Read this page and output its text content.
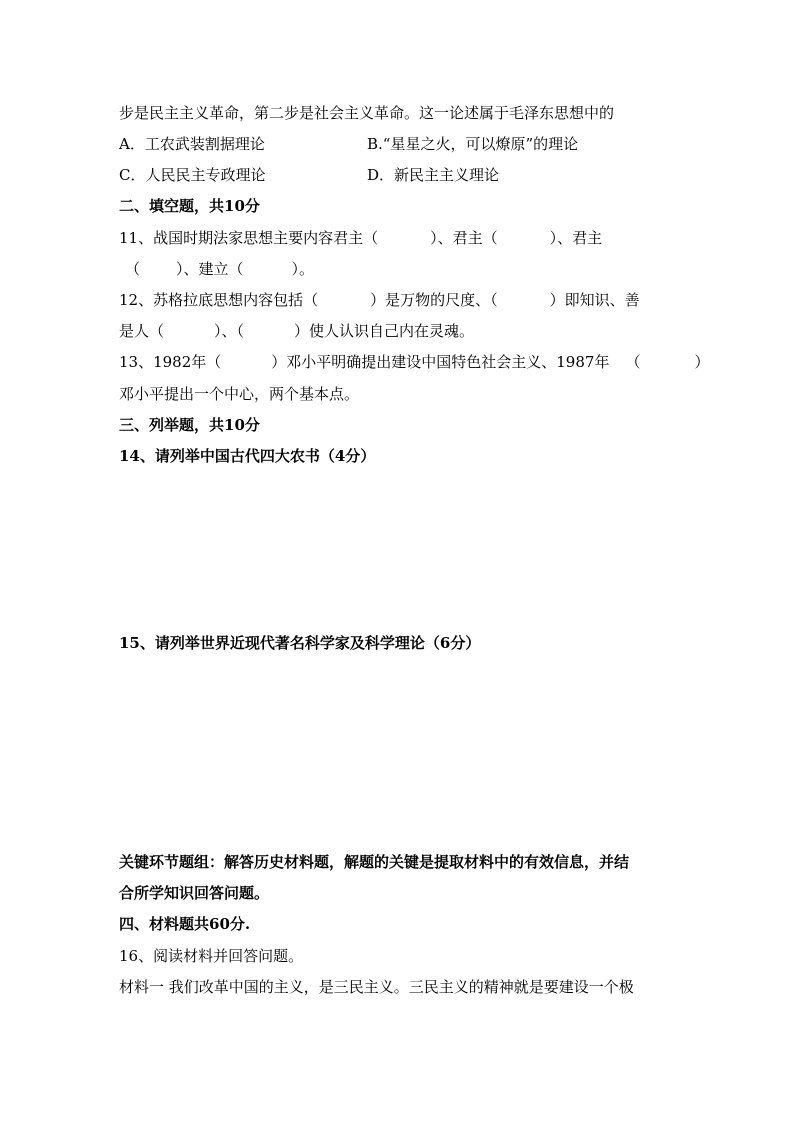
步是民主主义革命，第二步是社会主义革命。这一论述属于毛泽东思想中的
A．工农武装割据理论	B.“星星之火，可以燎原”的理论
C．人民民主专政理论	D．新民主主义理论
二、填空题，共10分
11、战国时期法家思想主要内容君主（	）、君主（	）、君主
（ ）、建立（	）。
12、苏格拉底思想内容包括（	）是万物的尺度、（	）即知识、善
是人（	）、（	）使人认识自己内在灵魂。
13、1982年（	）邓小平明确提出建设中国特色社会主义、1987年 （	）
邓小平提出一个中心，两个基本点。
三、列举题，共10分
14、请列举中国古代四大农书（4分）
15、请列举世界近现代著名科学家及科学理论（6分）
关键环节题组：解答历史材料题，解题的关键是提取材料中的有效信息，并结
合所学知识回答问题。
四、材料题共60分.
16、阅读材料并回答问题。
材料一 我们改革中国的主义，是三民主义。三民主义的精神就是要建设一个极
